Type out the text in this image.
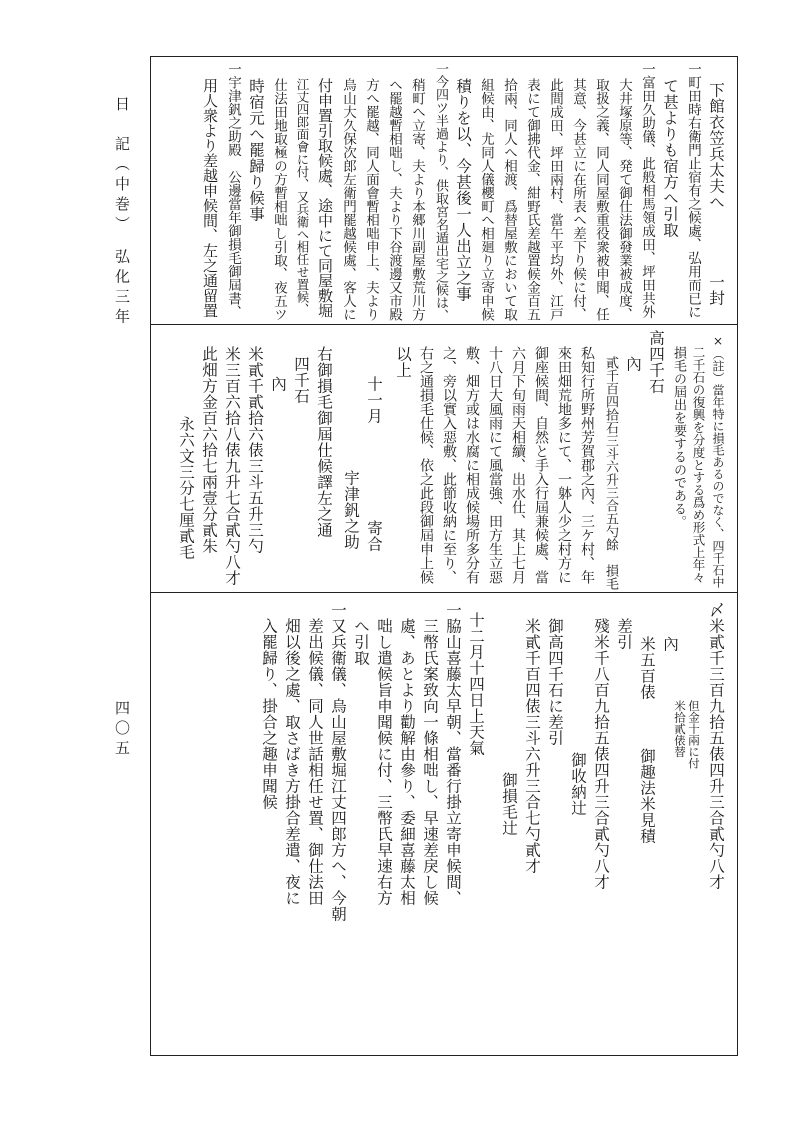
日　記（中巻）　弘化三年
四〇五
下館衣笠兵太夫へ　　　　一封
一町田時右衛門止宿有之候處、弘用而已に
て甚よりも宿方へ引取
一富田久助儀、此般相馬領成田、坪田共外
大井塚原等、発て御仕法御發業被成度、
取扱之義、同人同屋敷重役衆被申聞、任
其意、今甚立に在所表へ差下り候に付、
此間成田、坪田兩村、當午平均外、江戸
表にて御拂代金、紺野氏差越置候金百五
拾兩、同人へ相渡、爲替屋敷において取
組候由、尤同人儀櫻町へ相廻り立寄申候
積りを以、今甚後一人出立之事
一今四ツ半過より、供取宮名遁出宅之候は、
稍町へ立寄、夫より本郷川副屋敷荒川方
へ罷越暫相咄し、夫より下谷渡邊又市殿
方へ罷越、同人面會暫相咄申上、夫より
烏山大久保次郎左衛門罷越候處、客人に
付申置引取候處、途中にて同屋敷堀
江丈四郎面會に付、又兵衛へ相任せ置候、
仕法田地取極の方暫相咄し引取、夜五ツ
時宿元へ罷歸り候事
一宇津釩之助殿　公邊當年御損毛御屆書、
用人衆より差越申候間、左之通留置
×（註）當年特に損毛あるのでなく、四千石中
二千石の復興を分度とする爲め形式上年々
損毛の屆出を要するのである。
高四千石
內
貳千百四拾石三斗六升三合五勺餘　損毛
私知行所野州芳賀郡之內、三ケ村、年
來田畑荒地多にて、一躰人少之村方に
御座候間、自然と手入行屆兼候處、當
六月下旬雨天相續、出水仕、其上七月
十八日大風雨にて風當強、田方生立惡
敷、畑方或は水腐に相成候場所多分有
之、旁以實入惡敷、此節收納に至り、
右之通損毛仕候、依之此段御屆申上候
以上
十一月　　　　　　寄合
宇津釩之助
右御損毛御屆仕候譯左之通
四千石
內
米貳千貳拾六俵三斗五升三勺
米三百六拾八俵九升七合貳勺八才
此畑方金百六拾七兩壹分貳朱
永六文三分七厘貳毛
〆米貳千三百九拾五俵四升三合貳勺八才
但金十兩に付
米拾貳俵替
內
米五百俵　　　御趣法米見積
差引
殘米千八百九拾五俵四升三合貳勺八才
御收納辻
御高四千石に差引
米貳千百四俵三斗六升三合七勺貳才
御損毛辻
十二月十四日上天氣
一脇山喜藤太早朝、當番行掛立寄申候間、
三幣氏案致向一條相咄し、早速差戾し候
處、あとより勸解由參り、委細喜藤太相
咄し遣候旨申聞候に付、三幣氏早速右方
へ引取
一又兵衛儀、烏山屋敷堀江丈四郎方へ、今朝
差出候儀、同人世話相任せ置、御仕法田
畑以後之處、取さばき方掛合差遣、夜に
入罷歸り、掛合之趣申聞候
